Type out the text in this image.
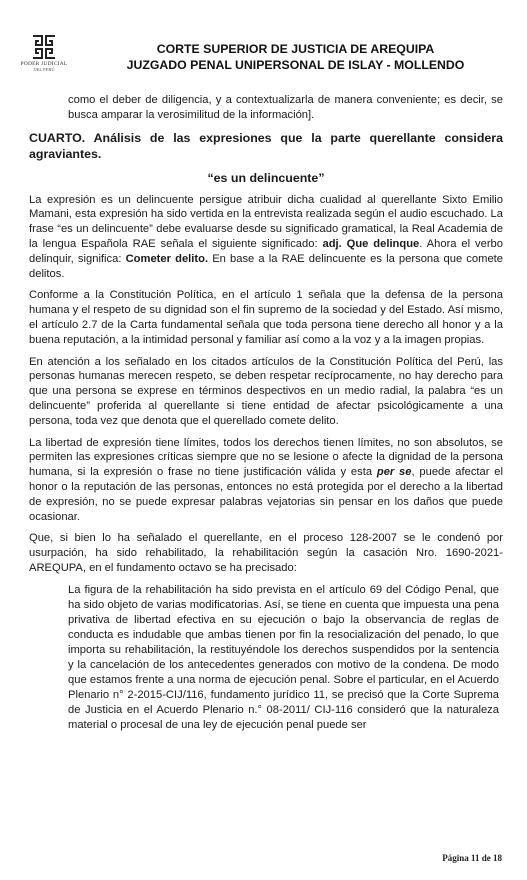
PODER JUDICIAL
DEL PERÚ
CORTE SUPERIOR DE JUSTICIA DE AREQUIPA
JUZGADO PENAL UNIPERSONAL DE ISLAY - MOLLENDO

como el deber de diligencia, y a contextualizarla de manera conveniente; es decir, se busca amparar la verosimilitud de la información].

CUARTO. Análisis de las expresiones que la parte querellante considera agraviantes.

“es un delincuente”

La expresión es un delincuente persigue atribuir dicha cualidad al querellante Sixto Emilio Mamani, esta expresión ha sido vertida en la entrevista realizada según el audio escuchado. La frase “es un delincuente” debe evaluarse desde su significado gramatical, la Real Academia de la lengua Española RAE señala el siguiente significado: adj. Que delinque. Ahora el verbo delinquir, significa: Cometer delito. En base a la RAE delincuente es la persona que comete delitos.

Conforme a la Constitución Política, en el artículo 1 señala que la defensa de la persona humana y el respeto de su dignidad son el fin supremo de la sociedad y del Estado. Así mismo, el artículo 2.7 de la Carta fundamental señala que toda persona tiene derecho all honor y a la buena reputación, a la intimidad personal y familiar así como a la voz y a la imagen propias.

En atención a los señalado en los citados artículos de la Constitución Política del Perú, las personas humanas merecen respeto, se deben respetar recíprocamente, no hay derecho para que una persona se exprese en términos despectivos en un medio radial, la palabra “es un delincuente” proferida al querellante si tiene entidad de afectar psicológicamente a una persona, toda vez que denota que el querellado comete delito.

La libertad de expresión tiene límites, todos los derechos tienen límites, no son absolutos, se permiten las expresiones críticas siempre que no se lesione o afecte la dignidad de la persona humana, si la expresión o frase no tiene justificación válida y esta per se, puede afectar el honor o la reputación de las personas, entonces no está protegida por el derecho a la libertad de expresión, no se puede expresar palabras vejatorias sin pensar en los daños que puede ocasionar.

Que, si bien lo ha señalado el querellante, en el proceso 128-2007 se le condenó por usurpación, ha sido rehabilitado, la rehabilitación según la casación Nro. 1690-2021-AREQUPA, en el fundamento octavo se ha precisado:

La figura de la rehabilitación ha sido prevista en el artículo 69 del Código Penal, que ha sido objeto de varias modificatorias. Así, se tiene en cuenta que impuesta una pena privativa de libertad efectiva en su ejecución o bajo la observancia de reglas de conducta es indudable que ambas tienen por fin la resocialización del penado, lo que importa su rehabilitación, la restituyéndole los derechos suspendidos por la sentencia y la cancelación de los antecedentes generados con motivo de la condena. De modo que estamos frente a una norma de ejecución penal. Sobre el particular, en el Acuerdo Plenario n° 2-2015-CIJ/116, fundamento jurídico 11, se precisó que la Corte Suprema de Justicia en el Acuerdo Plenario n.° 08-2011/ CIJ-116 consideró que la naturaleza material o procesal de una ley de ejecución penal puede ser

Página 11 de 18
